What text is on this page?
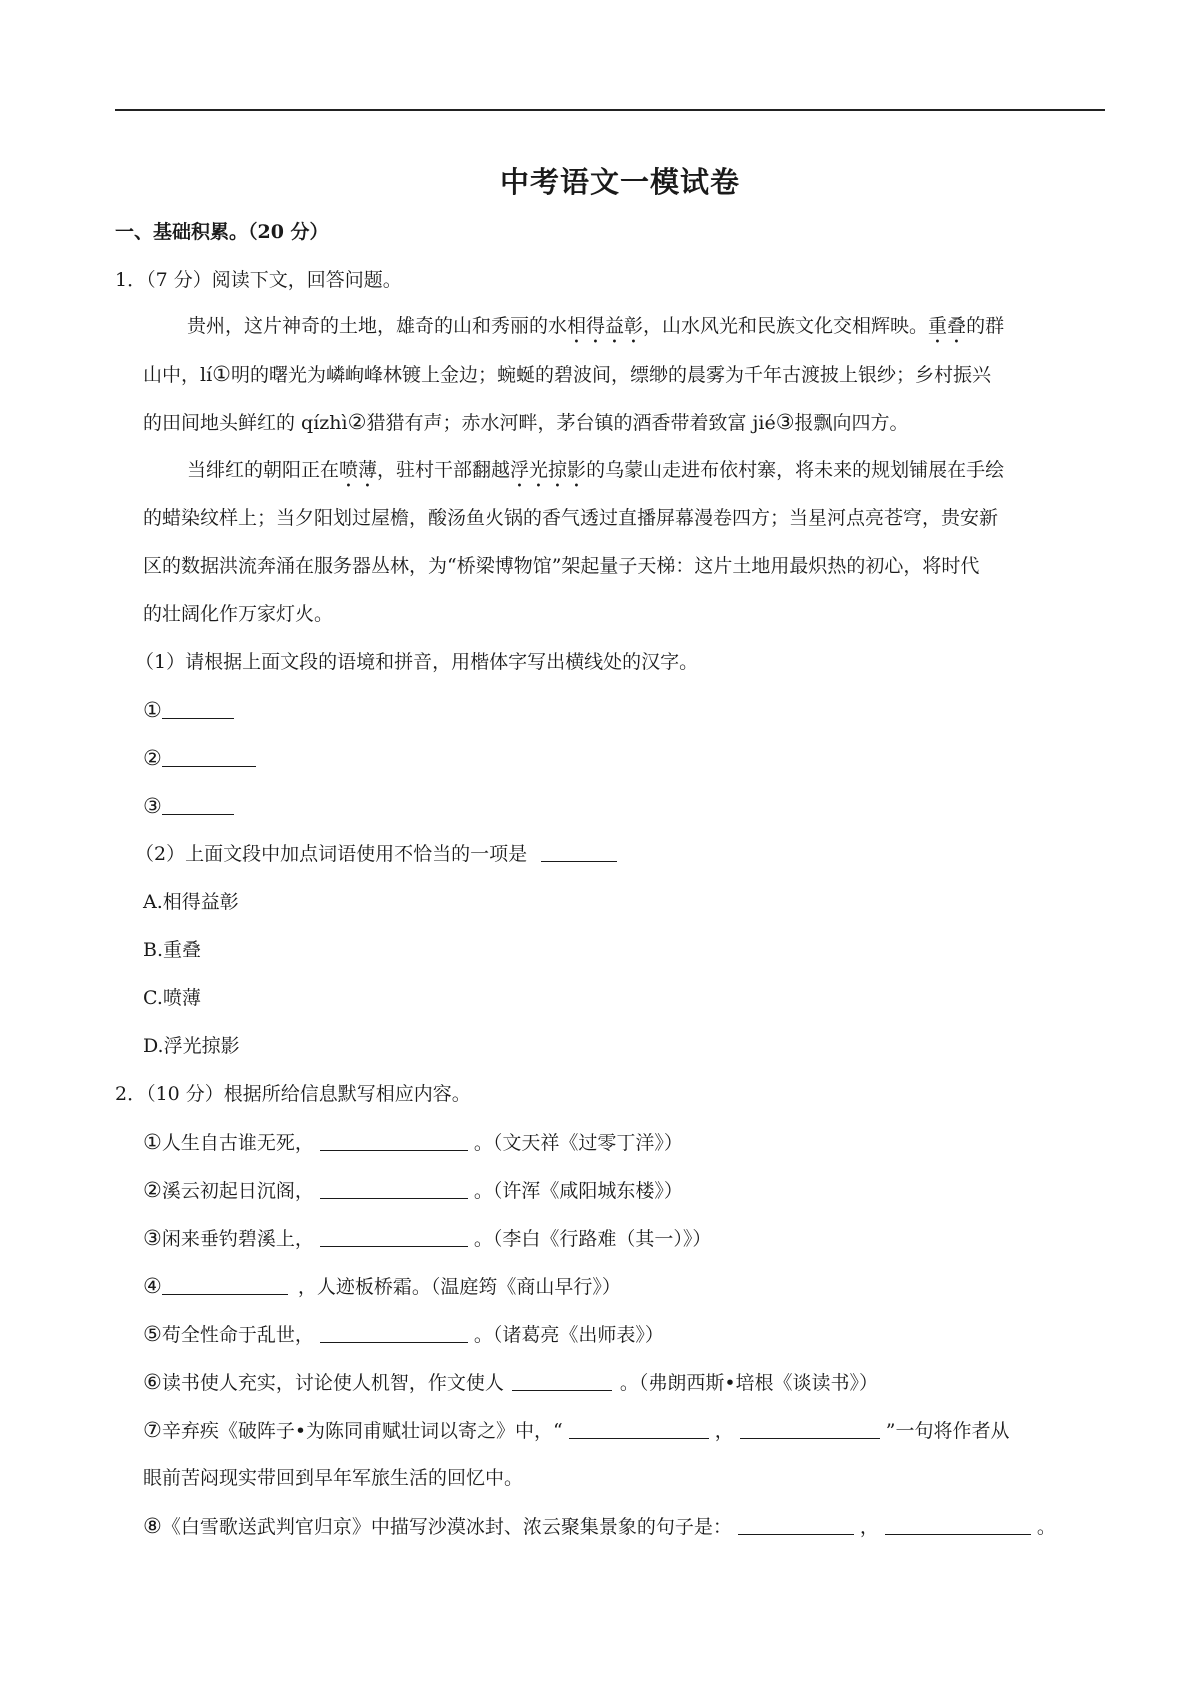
中考语文一模试卷
一、基础积累。（20 分）
1．（7 分）阅读下文，回答问题。
贵州，这片神奇的土地，雄奇的山和秀丽的水相得益彰，山水风光和民族文化交相辉映。重叠的群
山中，lí①明的曙光为嶙峋峰林镀上金边；蜿蜒的碧波间，缥缈的晨雾为千年古渡披上银纱；乡村振兴
的田间地头鲜红的 qízhì②猎猎有声；赤水河畔，茅台镇的酒香带着致富 jié③报飘向四方。
当绯红的朝阳正在喷薄，驻村干部翻越浮光掠影的乌蒙山走进布依村寨，将未来的规划铺展在手绘
的蜡染纹样上；当夕阳划过屋檐，酸汤鱼火锅的香气透过直播屏幕漫卷四方；当星河点亮苍穹，贵安新
区的数据洪流奔涌在服务器丛林，为“桥梁博物馆”架起量子天梯：这片土地用最炽热的初心，将时代
的壮阔化作万家灯火。
（1）请根据上面文段的语境和拼音，用楷体字写出横线处的汉字。
①
②
③
（2）上面文段中加点词语使用不恰当的一项是
A.相得益彰
B.重叠
C.喷薄
D.浮光掠影
2．（10 分）根据所给信息默写相应内容。
①人生自古谁无死，	。（文天祥《过零丁洋》）
②溪云初起日沉阁，	。（许浑《咸阳城东楼》）
③闲来垂钓碧溪上，	。（李白《行路难（其一）》）
④	，人迹板桥霜。（温庭筠《商山早行》）
⑤苟全性命于乱世，	。（诸葛亮《出师表》）
⑥读书使人充实，讨论使人机智，作文使人	。（弗朗西斯•培根《谈读书》）
⑦辛弃疾《破阵子•为陈同甫赋壮词以寄之》中，“	，	”一句将作者从
眼前苦闷现实带回到早年军旅生活的回忆中。
⑧《白雪歌送武判官归京》中描写沙漠冰封、浓云聚集景象的句子是：	，	。
